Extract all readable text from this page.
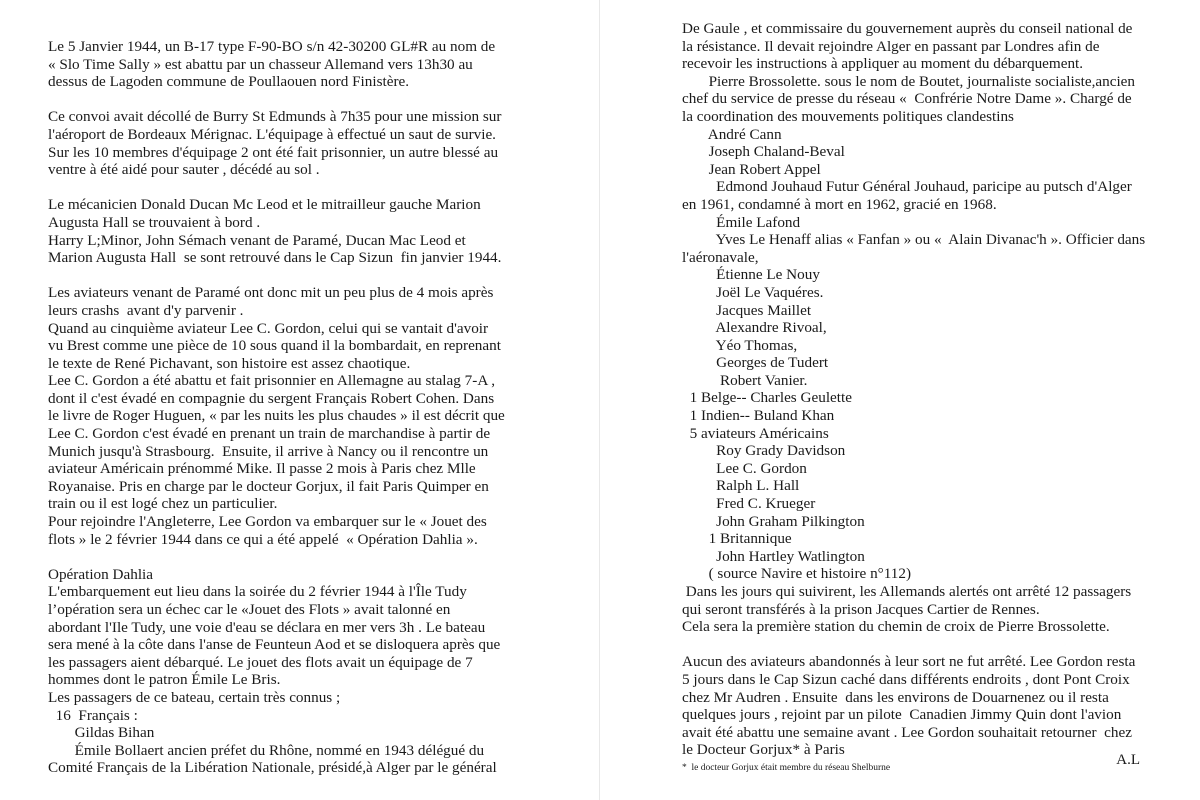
Le 5 Janvier 1944, un B-17 type F-90-BO s/n 42-30200 GL#R au nom de
« Slo Time Sally » est abattu par un chasseur Allemand vers 13h30 au
dessus de Lagoden commune de Poullaouen nord Finistère.
Ce convoi avait décollé de Burry St Edmunds à 7h35 pour une mission sur
l'aéroport de Bordeaux Mérignac. L'équipage à effectué un saut de survie.
Sur les 10 membres d'équipage 2 ont été fait prisonnier, un autre blessé au
ventre à été aidé pour sauter , décédé au sol .
Le mécanicien Donald Ducan Mc Leod et le mitrailleur gauche Marion
Augusta Hall se trouvaient à bord .
Harry L;Minor, John Sémach venant de Paramé, Ducan Mac Leod et
Marion Augusta Hall  se sont retrouvé dans le Cap Sizun  fin janvier 1944.
Les aviateurs venant de Paramé ont donc mit un peu plus de 4 mois après
leurs crashs  avant d'y parvenir .
Quand au cinquième aviateur Lee C. Gordon, celui qui se vantait d'avoir
vu Brest comme une pièce de 10 sous quand il la bombardait, en reprenant
le texte de René Pichavant, son histoire est assez chaotique.
Lee C. Gordon a été abattu et fait prisonnier en Allemagne au stalag 7-A ,
dont il c'est évadé en compagnie du sergent Français Robert Cohen. Dans
le livre de Roger Huguen, « par les nuits les plus chaudes » il est décrit que
Lee C. Gordon c'est évadé en prenant un train de marchandise à partir de
Munich jusqu'à Strasbourg.  Ensuite, il arrive à Nancy ou il rencontre un
aviateur Américain prénommé Mike. Il passe 2 mois à Paris chez Mlle
Royanaise. Pris en charge par le docteur Gorjux, il fait Paris Quimper en
train ou il est logé chez un particulier.
Pour rejoindre l'Angleterre, Lee Gordon va embarquer sur le « Jouet des
flots » le 2 février 1944 dans ce qui a été appelé  « Opération Dahlia ».
Opération Dahlia
L'embarquement eut lieu dans la soirée du 2 février 1944 à l'Île Tudy
l’opération sera un échec car le «Jouet des Flots » avait talonné en
abordant l'Ile Tudy, une voie d'eau se déclara en mer vers 3h . Le bateau
sera mené à la côte dans l'anse de Feunteun Aod et se disloquera après que
les passagers aient débarqué. Le jouet des flots avait un équipage de 7
hommes dont le patron Émile Le Bris.
Les passagers de ce bateau, certain très connus ;
16  Français :
Gildas Bihan
Émile Bollaert ancien préfet du Rhône, nommé en 1943 délégué du
Comité Français de la Libération Nationale, présidé,à Alger par le général
De Gaule , et commissaire du gouvernement auprès du conseil national de
la résistance. Il devait rejoindre Alger en passant par Londres afin de
recevoir les instructions à appliquer au moment du débarquement.
Pierre Brossolette. sous le nom de Boutet, journaliste socialiste,ancien
chef du service de presse du réseau «  Confrérie Notre Dame ». Chargé de
la coordination des mouvements politiques clandestins
André Cann
Joseph Chaland-Beval
Jean Robert Appel
Edmond Jouhaud Futur Général Jouhaud, paricipe au putsch d'Alger
en 1961, condamné à mort en 1962, gracié en 1968.
Émile Lafond
Yves Le Henaff alias « Fanfan » ou «  Alain Divanac'h ». Officier dans
l'aéronavale,
Étienne Le Nouy
Joël Le Vaquéres.
Jacques Maillet
Alexandre Rivoal,
Yéo Thomas,
Georges de Tudert
Robert Vanier.
1 Belge-- Charles Geulette
1 Indien-- Buland Khan
5 aviateurs Américains
Roy Grady Davidson
Lee C. Gordon
Ralph L. Hall
Fred C. Krueger
John Graham Pilkington
1 Britannique
John Hartley Watlington
( source Navire et histoire n°112)
Dans les jours qui suivirent, les Allemands alertés ont arrêté 12 passagers
qui seront transférés à la prison Jacques Cartier de Rennes.
Cela sera la première station du chemin de croix de Pierre Brossolette.
Aucun des aviateurs abandonnés à leur sort ne fut arrêté. Lee Gordon resta
5 jours dans le Cap Sizun caché dans différents endroits , dont Pont Croix
chez Mr Audren . Ensuite  dans les environs de Douarnenez ou il resta
quelques jours , rejoint par un pilote  Canadien Jimmy Quin dont l'avion
avait été abattu une semaine avant . Lee Gordon souhaitait retourner  chez
le Docteur Gorjux* à Paris
*  le docteur Gorjux était membre du réseau Shelburne	A.L
